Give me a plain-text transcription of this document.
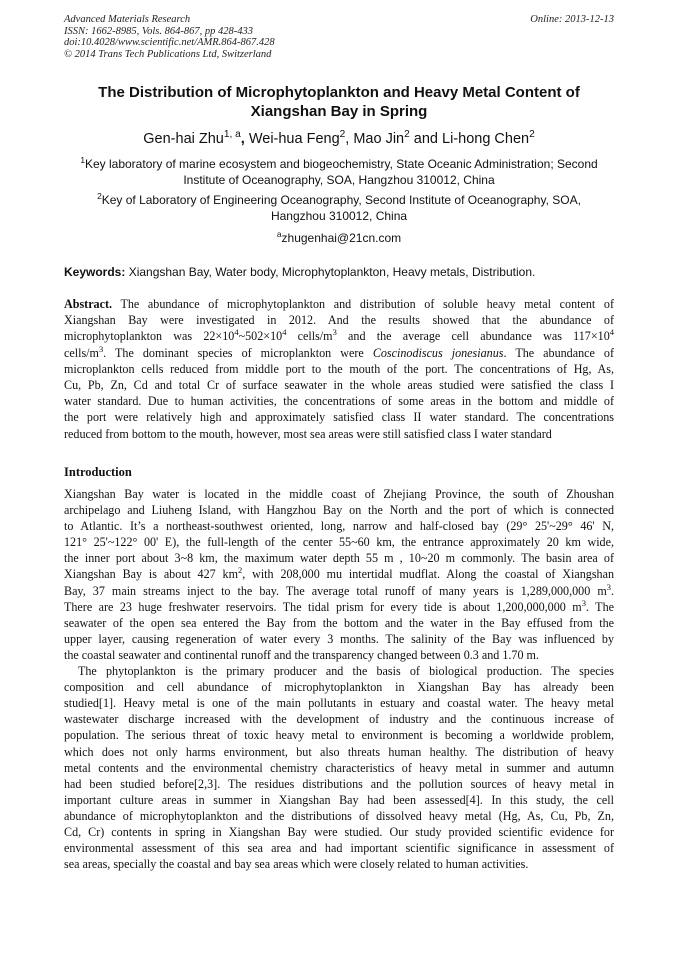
Advanced Materials Research
ISSN: 1662-8985, Vols. 864-867, pp 428-433
doi:10.4028/www.scientific.net/AMR.864-867.428
© 2014 Trans Tech Publications Ltd, Switzerland
Online: 2013-12-13
The Distribution of Microphytoplankton and Heavy Metal Content of
Xiangshan Bay in Spring
Gen-hai Zhu$^{1, a}$, Wei-hua Feng$^2$, Mao Jin$^2$ and Li-hong Chen$^2$
$^1$Key laboratory of marine ecosystem and biogeochemistry, State Oceanic Administration; Second
Institute of Oceanography, SOA, Hangzhou 310012, China
$^2$Key of Laboratory of Engineering Oceanography, Second Institute of Oceanography, SOA,
Hangzhou 310012, China
$^a$zhugenhai@21cn.com
Keywords: Xiangshan Bay, Water body, Microphytoplankton, Heavy metals, Distribution.
Abstract. The abundance of microphytoplankton and distribution of soluble heavy metal content of
Xiangshan Bay were investigated in 2012. And the results showed that the abundance of
microphytoplankton was $22\times 10^4\sim 502\times 10^4$ cells/$m^3$ and the average cell abundance was $117\times 10^4$
cells/$m^3$. The dominant species of microplankton were Coscinodiscus jonesianus. The abundance of
microplankton cells reduced from middle port to the mouth of the port. The concentrations of Hg, As,
Cu, Pb, Zn, Cd and total Cr of surface seawater in the whole areas studied were satisfied the class I
water standard. Due to human activities, the concentrations of some areas in the bottom and middle of
the port were relatively high and approximately satisfied class II water standard. The concentrations
reduced from bottom to the mouth, however, most sea areas were still satisfied class I water standard
Introduction
Xiangshan Bay water is located in the middle coast of Zhejiang Province, the south of Zhoushan
archipelago and Liuheng Island, with Hangzhou Bay on the North and the port of which is connected
to Atlantic. It’s a northeast-southwest oriented, long, narrow and half-closed bay (29° 25'~29° 46' N,
121° 25'~122° 00' E), the full-length of the center 55~60 km, the entrance approximately 20 km wide,
the inner port about 3~8 km, the maximum water depth 55 m , 10~20 m commonly. The basin area of
Xiangshan Bay is about 427 $km^2$, with 208,000 mu intertidal mudflat. Along the coastal of Xiangshan
Bay, 37 main streams inject to the bay. The average total runoff of many years is 1,289,000,000 $m^3$.
There are 23 huge freshwater reservoirs. The tidal prism for every tide is about 1,200,000,000 $m^3$. The
seawater of the open sea entered the Bay from the bottom and the water in the Bay effused from the
upper layer, causing regeneration of water every 3 months. The salinity of the Bay was influenced by
the coastal seawater and continental runoff and the transparency changed between 0.3 and 1.70 m.
The phytoplankton is the primary producer and the basis of biological production. The species
composition and cell abundance of microphytoplankton in Xiangshan Bay has already been
studied[1]. Heavy metal is one of the main pollutants in estuary and coastal water. The heavy metal
wastewater discharge increased with the development of industry and the continuous increase of
population. The serious threat of toxic heavy metal to environment is becoming a worldwide problem,
which does not only harms environment, but also threats human healthy. The distribution of heavy
metal contents and the environmental chemistry characteristics of heavy metal in summer and autumn
had been studied before[2,3]. The residues distributions and the pollution sources of heavy metal in
important culture areas in summer in Xiangshan Bay had been assessed[4]. In this study, the cell
abundance of microphytoplankton and the distributions of dissolved heavy metal (Hg, As, Cu, Pb, Zn,
Cd, Cr) contents in spring in Xiangshan Bay were studied. Our study provided scientific evidence for
environmental assessment of this sea area and had important scientific significance in assessment of
sea areas, specially the coastal and bay sea areas which were closely related to human activities.
